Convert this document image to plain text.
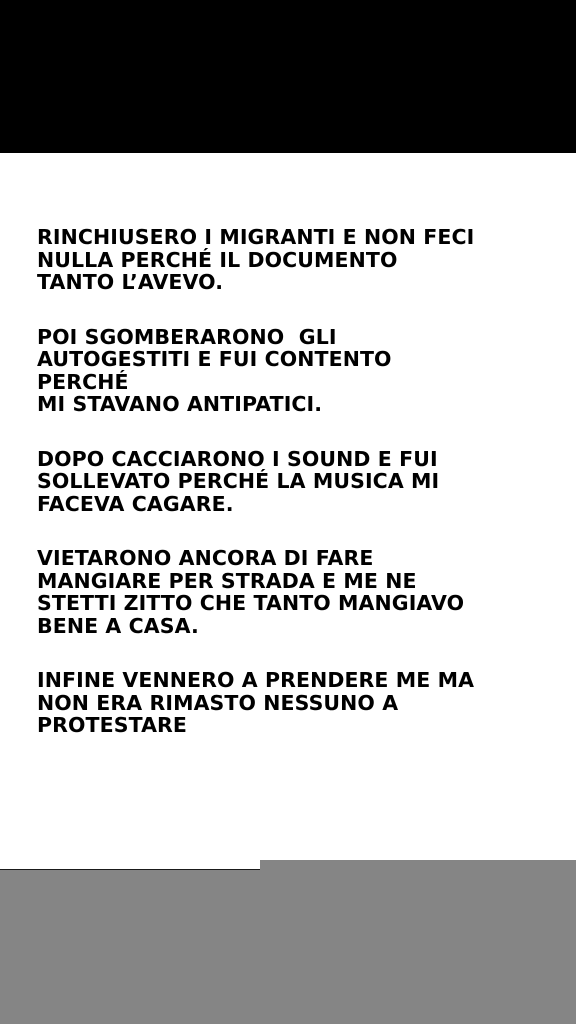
RINCHIUSERO I MIGRANTI E NON FECI
NULLA PERCHÉ IL DOCUMENTO
TANTO L’AVEVO.
POI SGOMBERARONO  GLI
AUTOGESTITI E FUI CONTENTO
PERCHÉ
MI STAVANO ANTIPATICI.
DOPO CACCIARONO I SOUND E FUI
SOLLEVATO PERCHÉ LA MUSICA MI
FACEVA CAGARE.
VIETARONO ANCORA DI FARE
MANGIARE PER STRADA E ME NE
STETTI ZITTO CHE TANTO MANGIAVO
BENE A CASA.
INFINE VENNERO A PRENDERE ME MA
NON ERA RIMASTO NESSUNO A
PROTESTARE
